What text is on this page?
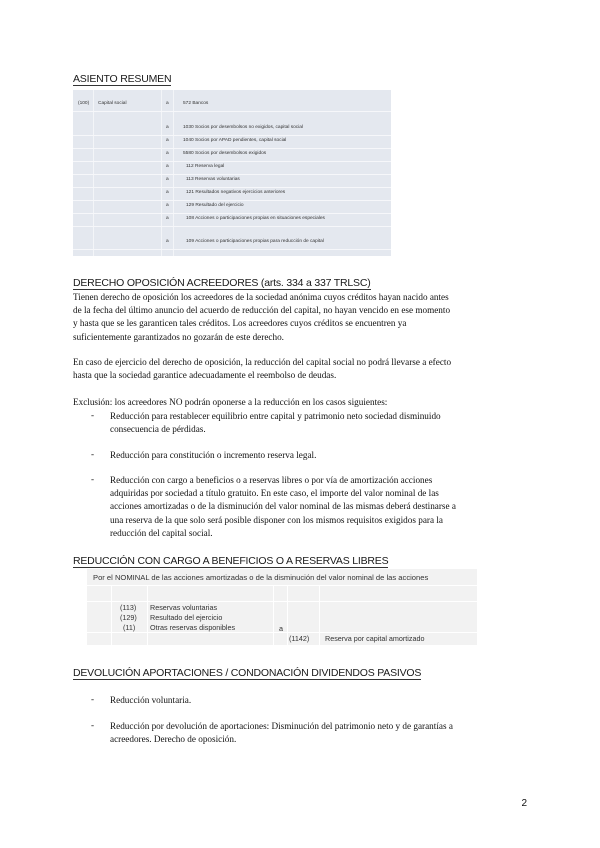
ASIENTO RESUMEN
(100) Capital social	a	572 Bancos
a	1030 Socios por desembolsos no exigidos, capital social
a	1040 Socios por APAD pendientes, capital social
a	5580 Socios por desembolsos exigidos
a	112 Reserva legal
a	113 Reservas voluntarias
a	121 Resultados negativos ejercicios anteriores
a	129 Resultado del ejercicio
a	108 Acciones o participaciones propias en situaciones especiales
a	109 Acciones o participaciones propias para reducción de capital
DERECHO OPOSICIÓN ACREEDORES (arts. 334 a 337 TRLSC)
Tienen derecho de oposición los acreedores de la sociedad anónima cuyos créditos hayan nacido antes
de la fecha del último anuncio del acuerdo de reducción del capital, no hayan vencido en ese momento
y hasta que se les garanticen tales créditos. Los acreedores cuyos créditos se encuentren ya
suficientemente garantizados no gozarán de este derecho.
En caso de ejercicio del derecho de oposición, la reducción del capital social no podrá llevarse a efecto
hasta que la sociedad garantice adecuadamente el reembolso de deudas.
Exclusión: los acreedores NO podrán oponerse a la reducción en los casos siguientes:
- Reducción para restablecer equilibrio entre capital y patrimonio neto sociedad disminuido
consecuencia de pérdidas.
- Reducción para constitución o incremento reserva legal.
- Reducción con cargo a beneficios o a reservas libres o por vía de amortización acciones
adquiridas por sociedad a título gratuito. En este caso, el importe del valor nominal de las
acciones amortizadas o de la disminución del valor nominal de las mismas deberá destinarse a
una reserva de la que solo será posible disponer con los mismos requisitos exigidos para la
reducción del capital social.
REDUCCIÓN CON CARGO A BENEFICIOS O A RESERVAS LIBRES
Por el NOMINAL de las acciones amortizadas o de la disminución del valor nominal de las acciones
(113) Reservas voluntarias
(129) Resultado del ejercicio
(11) Otras reservas disponibles	a
(1142) Reserva por capital amortizado
DEVOLUCIÓN APORTACIONES / CONDONACIÓN DIVIDENDOS PASIVOS
- Reducción voluntaria.
- Reducción por devolución de aportaciones: Disminución del patrimonio neto y de garantías a
acreedores. Derecho de oposición.
2
